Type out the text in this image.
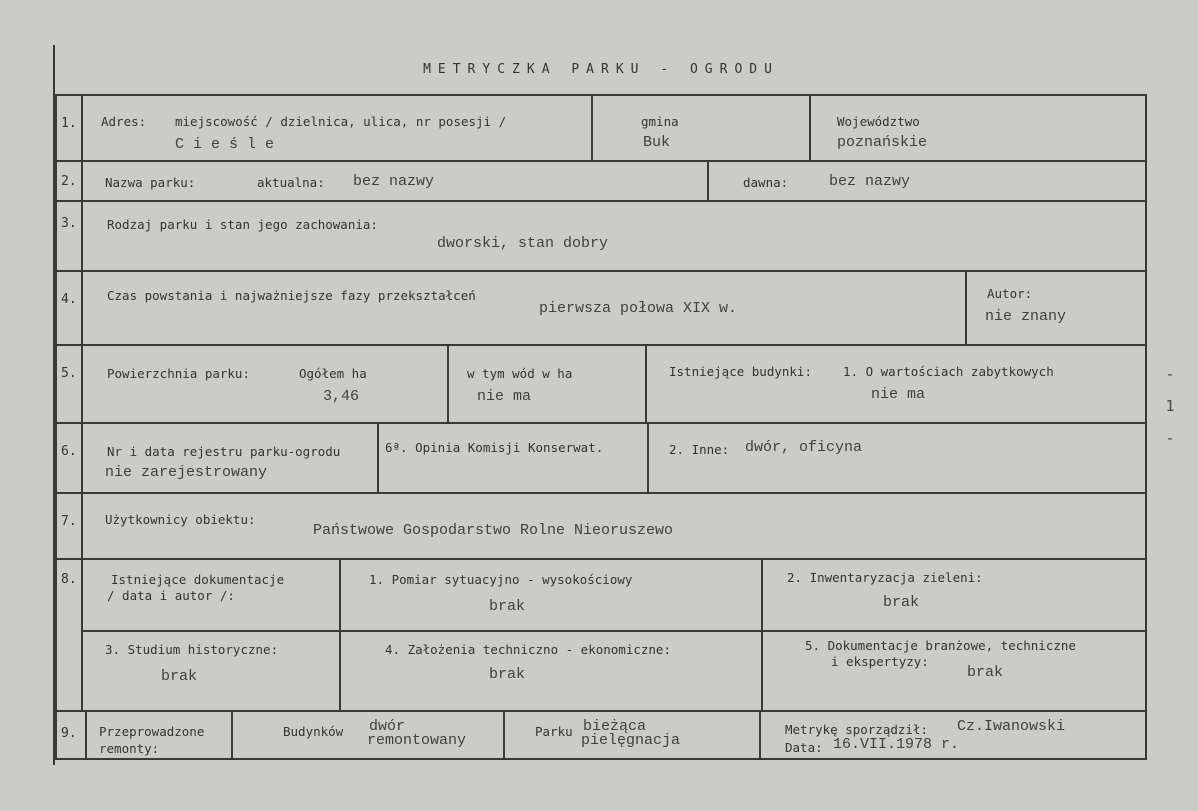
METRYCZKA PARKU - OGRODU
1. Adres: miejscowość / dzielnica, ulica, nr posesji /
C i e ś l e
gmina
Buk
Województwo
poznańskie
2. Nazwa parku:	aktualna: bez nazwy	dawna:	bez nazwy
3. Rodzaj parku i stan jego zachowania:
dworski, stan dobry
4. Czas powstania i najważniejsze fazy przekształceń
pierwsza połowa XIX w.
Autor:
nie znany
5. Powierzchnia parku:	Ogółem ha
3,46
w tym wód w ha
nie ma
Istniejące budynki: 1. O wartościach zabytkowych
nie ma
6. Nr i data rejestru parku-ogrodu
nie zarejestrowany
6ª. Opinia Komisji Konserwat.	2. Inne: dwór, oficyna
7. Użytkownicy obiektu:
Państwowe Gospodarstwo Rolne Nieoruszewo
8.	Istniejące dokumentacje
/ data i autor /:
1. Pomiar sytuacyjno - wysokościowy
brak
2. Inwentaryzacja zieleni:
brak
3. Studium historyczne:
brak
4. Założenia techniczno - ekonomiczne:
brak
5. Dokumentacje branżowe, techniczne
i ekspertyzy:
brak
9. Przeprowadzone
remonty:
Budynków dwór
remontowany
Parku bieżąca
pielęgnacja
Metrykę sporządził: Cz.Iwanowski
Data: 16.VII.1978 r.
-
1
-
